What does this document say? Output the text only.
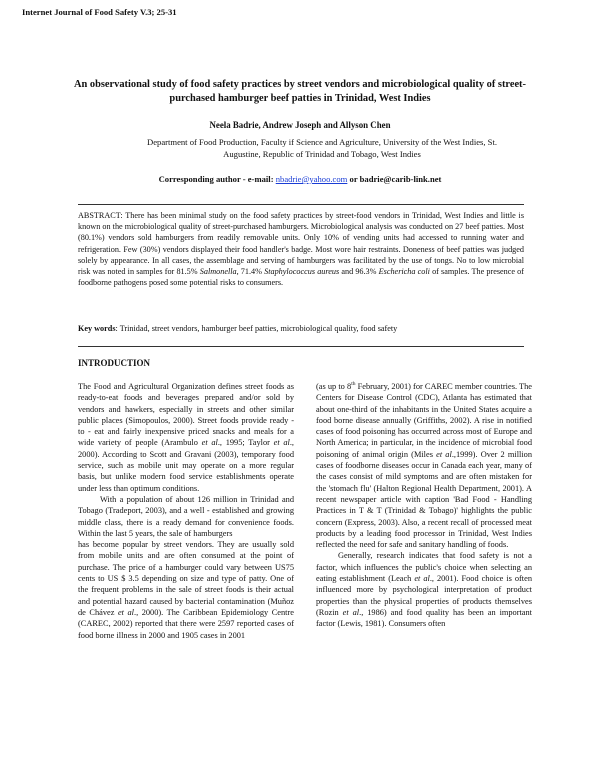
Internet Journal of Food Safety V.3; 25-31
An observational study of food safety practices by street vendors and microbiological quality of street-purchased hamburger beef patties in Trinidad, West Indies
Neela Badrie, Andrew Joseph and Allyson Chen
Department of Food Production, Faculty if Science and Agriculture, University of the West Indies, St. Augustine, Republic of Trinidad and Tobago, West Indies
Corresponding author - e-mail: nbadrie@yahoo.com or badrie@carib-link.net
ABSTRACT: There has been minimal study on the food safety practices by street-food vendors in Trinidad, West Indies and little is known on the microbiological quality of street-purchased hamburgers. Microbiological analysis was conducted on 27 beef patties. Most (80.1%) vendors sold hamburgers from readily removable units. Only 10% of vending units had accessed to running water and refrigeration. Few (30%) vendors displayed their food handler's badge. Most wore hair restraints. Doneness of beef patties was judged solely by appearance. In all cases, the assemblage and serving of hamburgers was facilitated by the use of tongs. No to low microbial risk was noted in samples for 81.5% Salmonella, 71.4% Staphylococcus aureus and 96.3% Eschericha coli of samples. The presence of foodborne pathogens posed some potential risks to consumers.
Key words: Trinidad, street vendors, hamburger beef patties, microbiological quality, food safety
INTRODUCTION

The Food and Agricultural Organization defines street foods as ready-to-eat foods and beverages prepared and/or sold by vendors and hawkers, especially in streets and other similar public places (Simopoulos, 2000). Street foods provide ready - to - eat and fairly inexpensive priced snacks and meals for a wide variety of people (Arambulo et al., 1995; Taylor et al., 2000). According to Scott and Gravani (2003), temporary food service, such as mobile unit may operate on a more regular basis, but unlike modern food service establishments operate under less than optimum conditions.

With a population of about 126 million in Trinidad and Tobago (Tradeport, 2003), and a well - established and growing middle class, there is a ready demand for convenience foods. Within the last 5 years, the sale of hamburgers

has become popular by street vendors. They are usually sold from mobile units and are often consumed at the point of purchase. The price of a hamburger could vary between US75 cents to US $ 3.5 depending on size and type of patty. One of the frequent problems in the sale of street foods is their actual and potential hazard caused by bacterial contamination (Muñoz de Chávez et al., 2000). The Caribbean Epidemiology Centre (CAREC, 2002) reported that there were 2597 reported cases of food borne illness in 2000 and 1905 cases in 2001

(as up to 8th February, 2001) for CAREC member countries. The Centers for Disease Control (CDC), Atlanta has estimated that about one-third of the inhabitants in the United States acquire a food borne disease annually (Griffiths, 2002). A rise in notified cases of food poisoning has occurred across most of Europe and North America; in particular, in the incidence of microbial food poisoning of animal origin (Miles et al.,1999). Over 2 million cases of foodborne diseases occur in Canada each year, many of the cases consist of mild symptoms and are often mistaken for the 'stomach flu' (Halton Regional Health Department, 2001). A recent newspaper article with caption 'Bad Food - Handling Practices in T & T (Trinidad & Tobago)' highlights the public concern (Express, 2003). Also, a recent recall of processed meat products by a leading food processor in Trinidad, West Indies reflected the need for safe and sanitary handling of foods.

Generally, research indicates that food safety is not a factor, which influences the public's choice when selecting an eating establishment (Leach et al., 2001). Food choice is often influenced more by psychological interpretation of product properties than the physical properties of products themselves (Rozin et al., 1986) and food quality has been an important factor (Lewis, 1981). Consumers often
